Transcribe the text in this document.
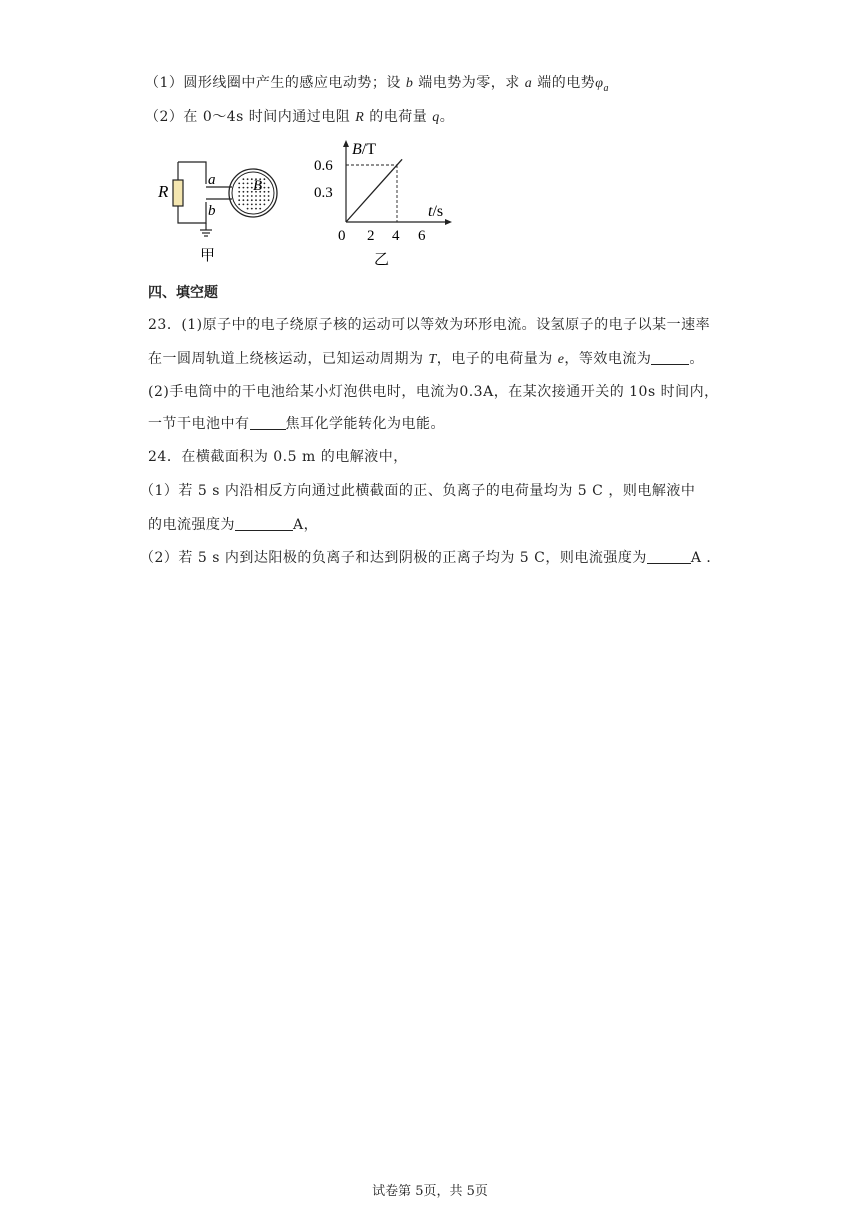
（1）圆形线圈中产生的感应电动势；设 b 端电势为零，求 a 端的电势$\varphi_a$
（2）在 0～4s 时间内通过电阻 R 的电荷量 q。
R
a
b
B
甲
B/T
t/s
0.6
0.3
0 2 4 6
乙
四、填空题
23．(1)原子中的电子绕原子核的运动可以等效为环形电流。设氢原子的电子以某一速率
在一圆周轨道上绕核运动，已知运动周期为 T，电子的电荷量为 e，等效电流为	。
(2)手电筒中的干电池给某小灯泡供电时，电流为0.3A，在某次接通开关的 10s 时间内，
一节干电池中有	焦耳化学能转化为电能。
24．在横截面积为 0.5 m 的电解液中，
（1）若 5 s 内沿相反方向通过此横截面的正、负离子的电荷量均为 5 C ，则电解液中
的电流强度为	A，
（2）若 5 s 内到达阳极的负离子和达到阴极的正离子均为 5 C，则电流强度为	A ．
试卷第 5页，共 5页
